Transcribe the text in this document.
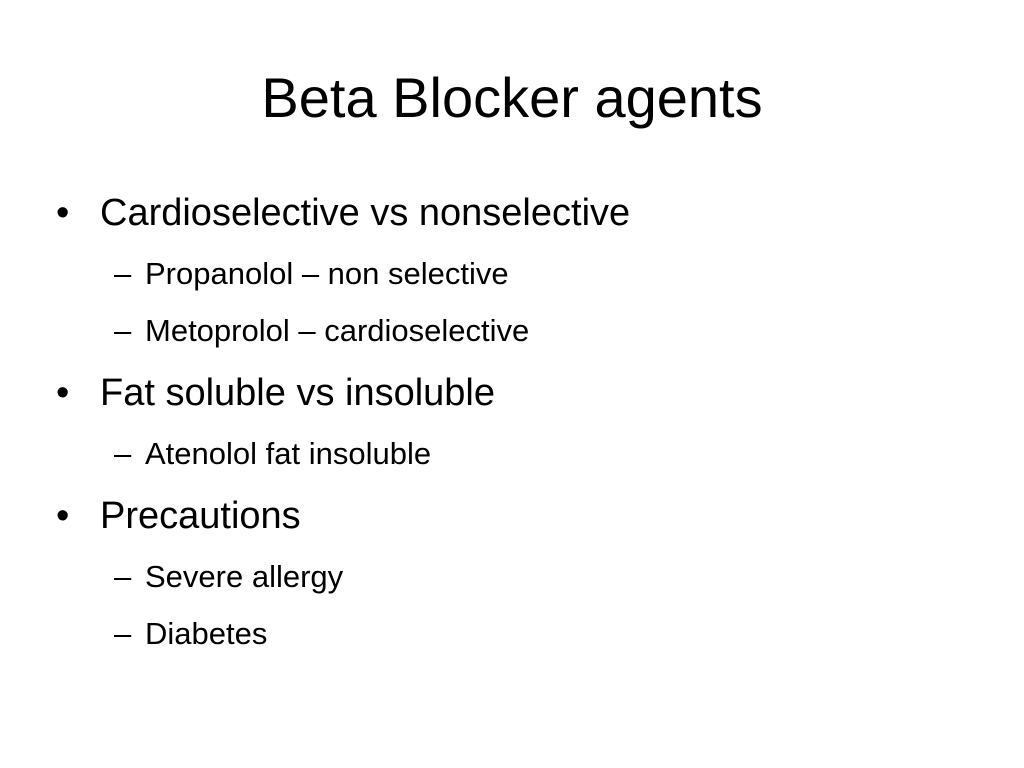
Beta Blocker agents
• Cardioselective vs nonselective
– Propanolol – non selective
– Metoprolol – cardioselective
• Fat soluble vs insoluble
– Atenolol fat insoluble
• Precautions
– Severe allergy
– Diabetes
